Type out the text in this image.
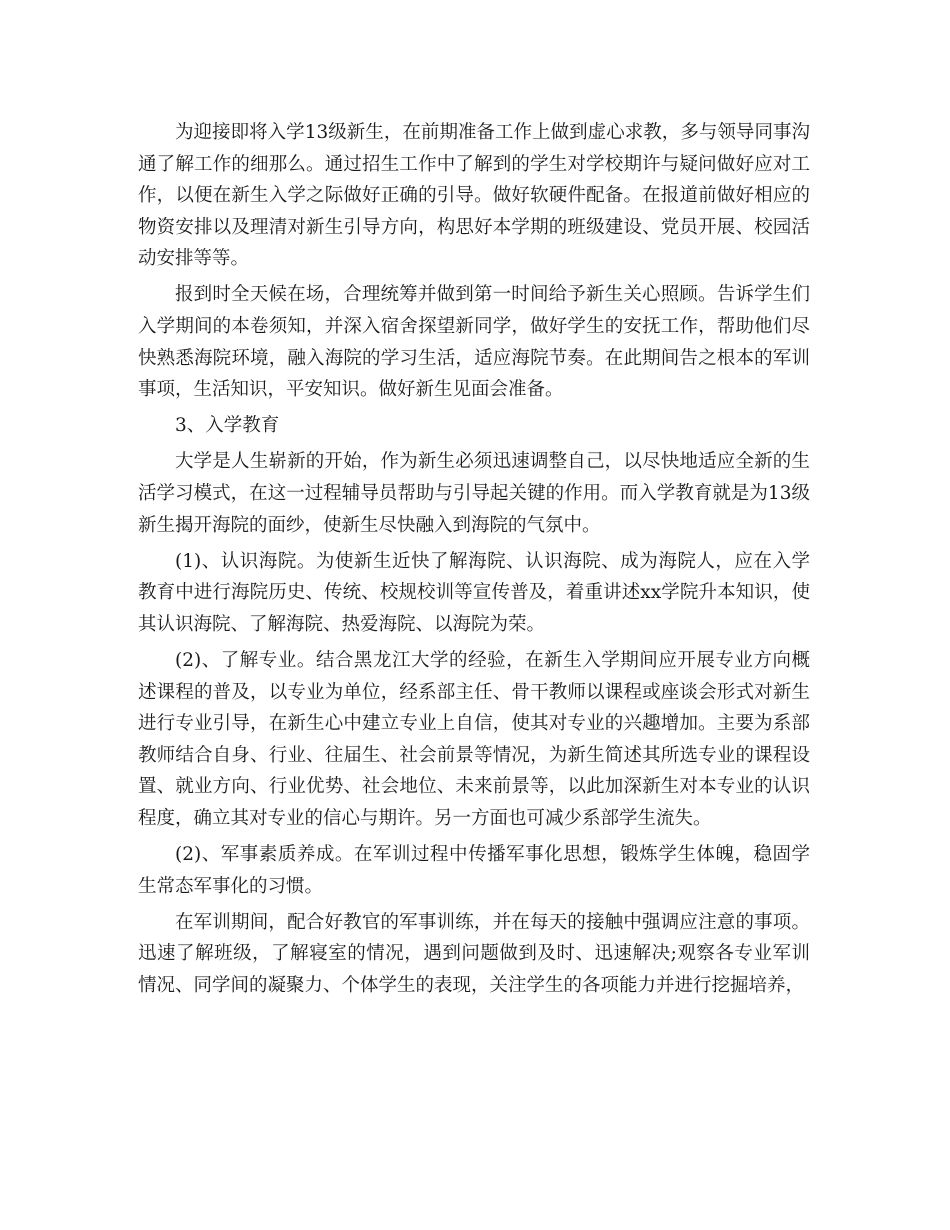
为迎接即将入学13级新生，在前期准备工作上做到虚心求教，多与领导同事沟通了解工作的细那么。通过招生工作中了解到的学生对学校期许与疑问做好应对工作，以便在新生入学之际做好正确的引导。做好软硬件配备。在报道前做好相应的物资安排以及理清对新生引导方向，构思好本学期的班级建设、党员开展、校园活动安排等等。

报到时全天候在场，合理统筹并做到第一时间给予新生关心照顾。告诉学生们入学期间的本卷须知，并深入宿舍探望新同学，做好学生的安抚工作，帮助他们尽快熟悉海院环境，融入海院的学习生活，适应海院节奏。在此期间告之根本的军训事项，生活知识，平安知识。做好新生见面会准备。

3、入学教育

大学是人生崭新的开始，作为新生必须迅速调整自己，以尽快地适应全新的生活学习模式，在这一过程辅导员帮助与引导起关键的作用。而入学教育就是为13级新生揭开海院的面纱，使新生尽快融入到海院的气氛中。

(1)、认识海院。为使新生近快了解海院、认识海院、成为海院人，应在入学教育中进行海院历史、传统、校规校训等宣传普及，着重讲述xx学院升本知识，使其认识海院、了解海院、热爱海院、以海院为荣。

(2)、了解专业。结合黑龙江大学的经验，在新生入学期间应开展专业方向概述课程的普及，以专业为单位，经系部主任、骨干教师以课程或座谈会形式对新生进行专业引导，在新生心中建立专业上自信，使其对专业的兴趣增加。主要为系部教师结合自身、行业、往届生、社会前景等情况，为新生简述其所选专业的课程设置、就业方向、行业优势、社会地位、未来前景等，以此加深新生对本专业的认识程度，确立其对专业的信心与期许。另一方面也可减少系部学生流失。

(2)、军事素质养成。在军训过程中传播军事化思想，锻炼学生体魄，稳固学生常态军事化的习惯。

在军训期间，配合好教官的军事训练，并在每天的接触中强调应注意的事项。迅速了解班级，了解寝室的情况，遇到问题做到及时、迅速解决;观察各专业军训情况、同学间的凝聚力、个体学生的表现，关注学生的各项能力并进行挖掘培养，
